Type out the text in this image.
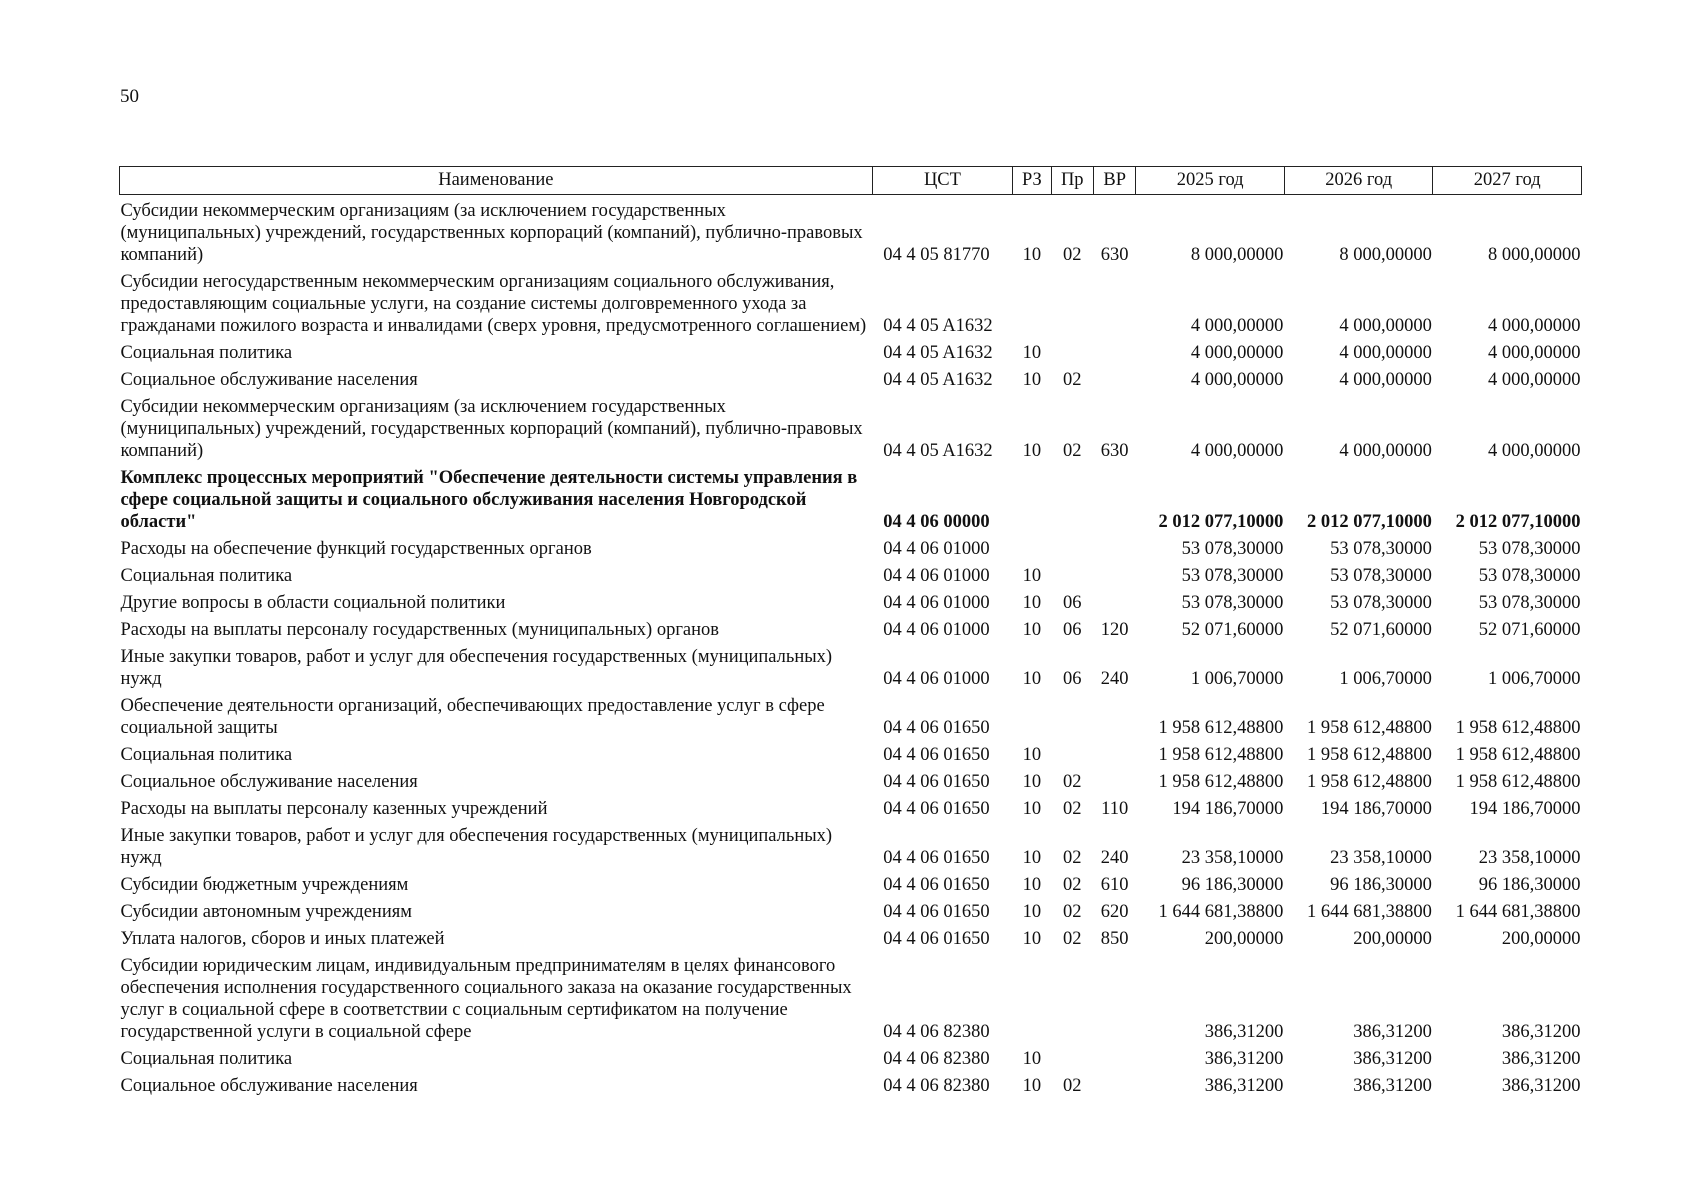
50
Наименование	ЦСТ	РЗ	Пр	ВР	2025 год	2026 год	2027 год
Субсидии некоммерческим организациям (за исключением государственных (муниципальных) учреждений, государственных корпораций (компаний), публично-правовых компаний)	04 4 05 81770	10	02	630	8 000,00000	8 000,00000	8 000,00000
Субсидии негосударственным некоммерческим организациям социального обслуживания, предоставляющим социальные услуги, на создание системы долговременного ухода за гражданами пожилого возраста и инвалидами (сверх уровня, предусмотренного соглашением)	04 4 05 A1632				4 000,00000	4 000,00000	4 000,00000
Социальная политика	04 4 05 A1632	10			4 000,00000	4 000,00000	4 000,00000
Социальное обслуживание населения	04 4 05 A1632	10	02		4 000,00000	4 000,00000	4 000,00000
Субсидии некоммерческим организациям (за исключением государственных (муниципальных) учреждений, государственных корпораций (компаний), публично-правовых компаний)	04 4 05 A1632	10	02	630	4 000,00000	4 000,00000	4 000,00000
Комплекс процессных мероприятий "Обеспечение деятельности системы управления в сфере социальной защиты и социального обслуживания населения Новгородской области"	04 4 06 00000				2 012 077,10000	2 012 077,10000	2 012 077,10000
Расходы на обеспечение функций государственных органов	04 4 06 01000				53 078,30000	53 078,30000	53 078,30000
Социальная политика	04 4 06 01000	10			53 078,30000	53 078,30000	53 078,30000
Другие вопросы в области социальной политики	04 4 06 01000	10	06		53 078,30000	53 078,30000	53 078,30000
Расходы на выплаты персоналу государственных (муниципальных) органов	04 4 06 01000	10	06	120	52 071,60000	52 071,60000	52 071,60000
Иные закупки товаров, работ и услуг для обеспечения государственных (муниципальных) нужд	04 4 06 01000	10	06	240	1 006,70000	1 006,70000	1 006,70000
Обеспечение деятельности организаций, обеспечивающих предоставление услуг в сфере социальной защиты	04 4 06 01650				1 958 612,48800	1 958 612,48800	1 958 612,48800
Социальная политика	04 4 06 01650	10			1 958 612,48800	1 958 612,48800	1 958 612,48800
Социальное обслуживание населения	04 4 06 01650	10	02		1 958 612,48800	1 958 612,48800	1 958 612,48800
Расходы на выплаты персоналу казенных учреждений	04 4 06 01650	10	02	110	194 186,70000	194 186,70000	194 186,70000
Иные закупки товаров, работ и услуг для обеспечения государственных (муниципальных) нужд	04 4 06 01650	10	02	240	23 358,10000	23 358,10000	23 358,10000
Субсидии бюджетным учреждениям	04 4 06 01650	10	02	610	96 186,30000	96 186,30000	96 186,30000
Субсидии автономным учреждениям	04 4 06 01650	10	02	620	1 644 681,38800	1 644 681,38800	1 644 681,38800
Уплата налогов, сборов и иных платежей	04 4 06 01650	10	02	850	200,00000	200,00000	200,00000
Субсидии юридическим лицам, индивидуальным предпринимателям в целях финансового обеспечения исполнения государственного социального заказа на оказание государственных услуг в социальной сфере в соответствии с социальным сертификатом на получение государственной услуги в социальной сфере	04 4 06 82380				386,31200	386,31200	386,31200
Социальная политика	04 4 06 82380	10			386,31200	386,31200	386,31200
Социальное обслуживание населения	04 4 06 82380	10	02		386,31200	386,31200	386,31200
